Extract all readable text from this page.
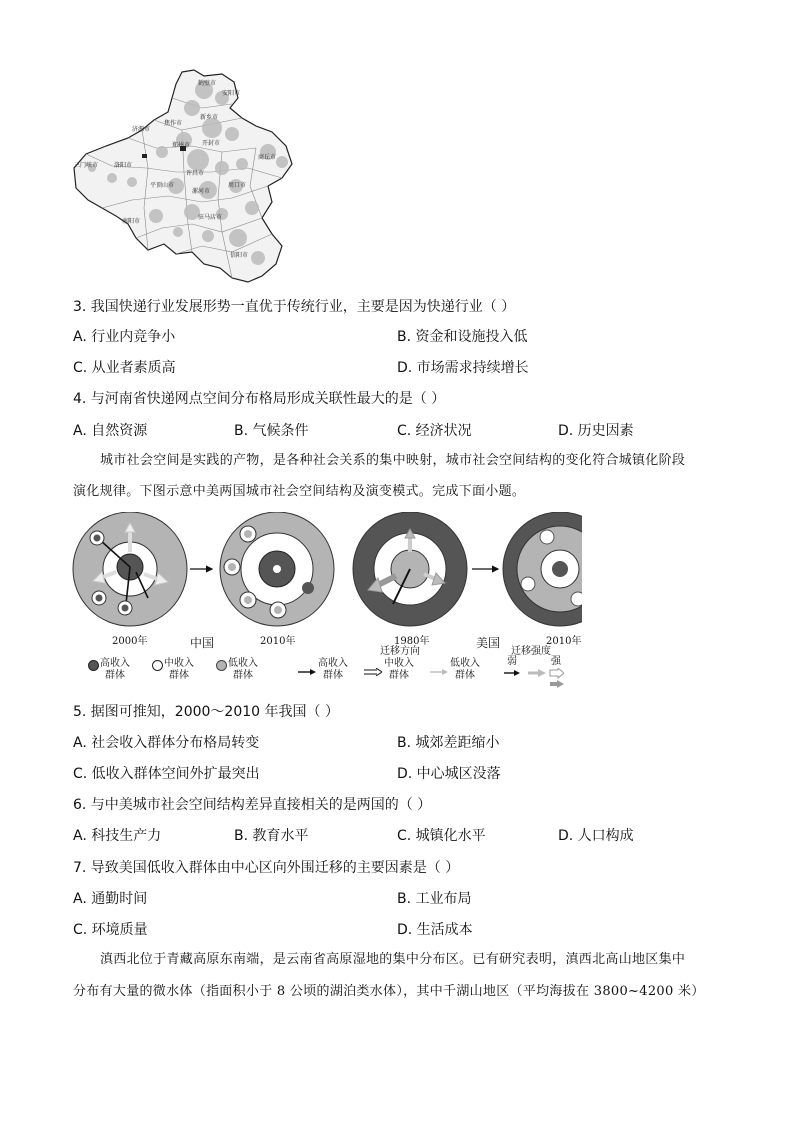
鹤壁市
安阳市
新乡市
焦作市
济源市
郑州市 开封市
商丘市
洛阳市
三门峡市
许昌市
周口市
平顶山市
漯河市
南阳市
驻马店市
信阳市
3. 我国快递行业发展形势一直优于传统行业，主要是因为快递行业（ ）
A. 行业内竞争小	B. 资金和设施投入低
C. 从业者素质高	D. 市场需求持续增长
4. 与河南省快递网点空间分布格局形成关联性最大的是（ ）
A. 自然资源	B. 气候条件	C. 经济状况	D. 历史因素
城市社会空间是实践的产物，是各种社会关系的集中映射，城市社会空间结构的变化符合城镇化阶段
演化规律。下图示意中美两国城市社会空间结构及演变模式。完成下面小题。
2000年	中国	2010年	1980年	美国	2010年
高收入群体
中收入群体
低收入群体
高收入群体
迁移方向
中收入群体
低收入群体
迁移强度
弱	强
5. 据图可推知，2000～2010 年我国（ ）
A. 社会收入群体分布格局转变	B. 城郊差距缩小
C. 低收入群体空间外扩最突出	D. 中心城区没落
6. 与中美城市社会空间结构差异直接相关的是两国的（ ）
A. 科技生产力	B. 教育水平	C. 城镇化水平	D. 人口构成
7. 导致美国低收入群体由中心区向外围迁移的主要因素是（ ）
A. 通勤时间	B. 工业布局
C. 环境质量	D. 生活成本
滇西北位于青藏高原东南端，是云南省高原湿地的集中分布区。已有研究表明，滇西北高山地区集中
分布有大量的微水体（指面积小于 8 公顷的湖泊类水体），其中千湖山地区（平均海拔在 3800~4200 米）
